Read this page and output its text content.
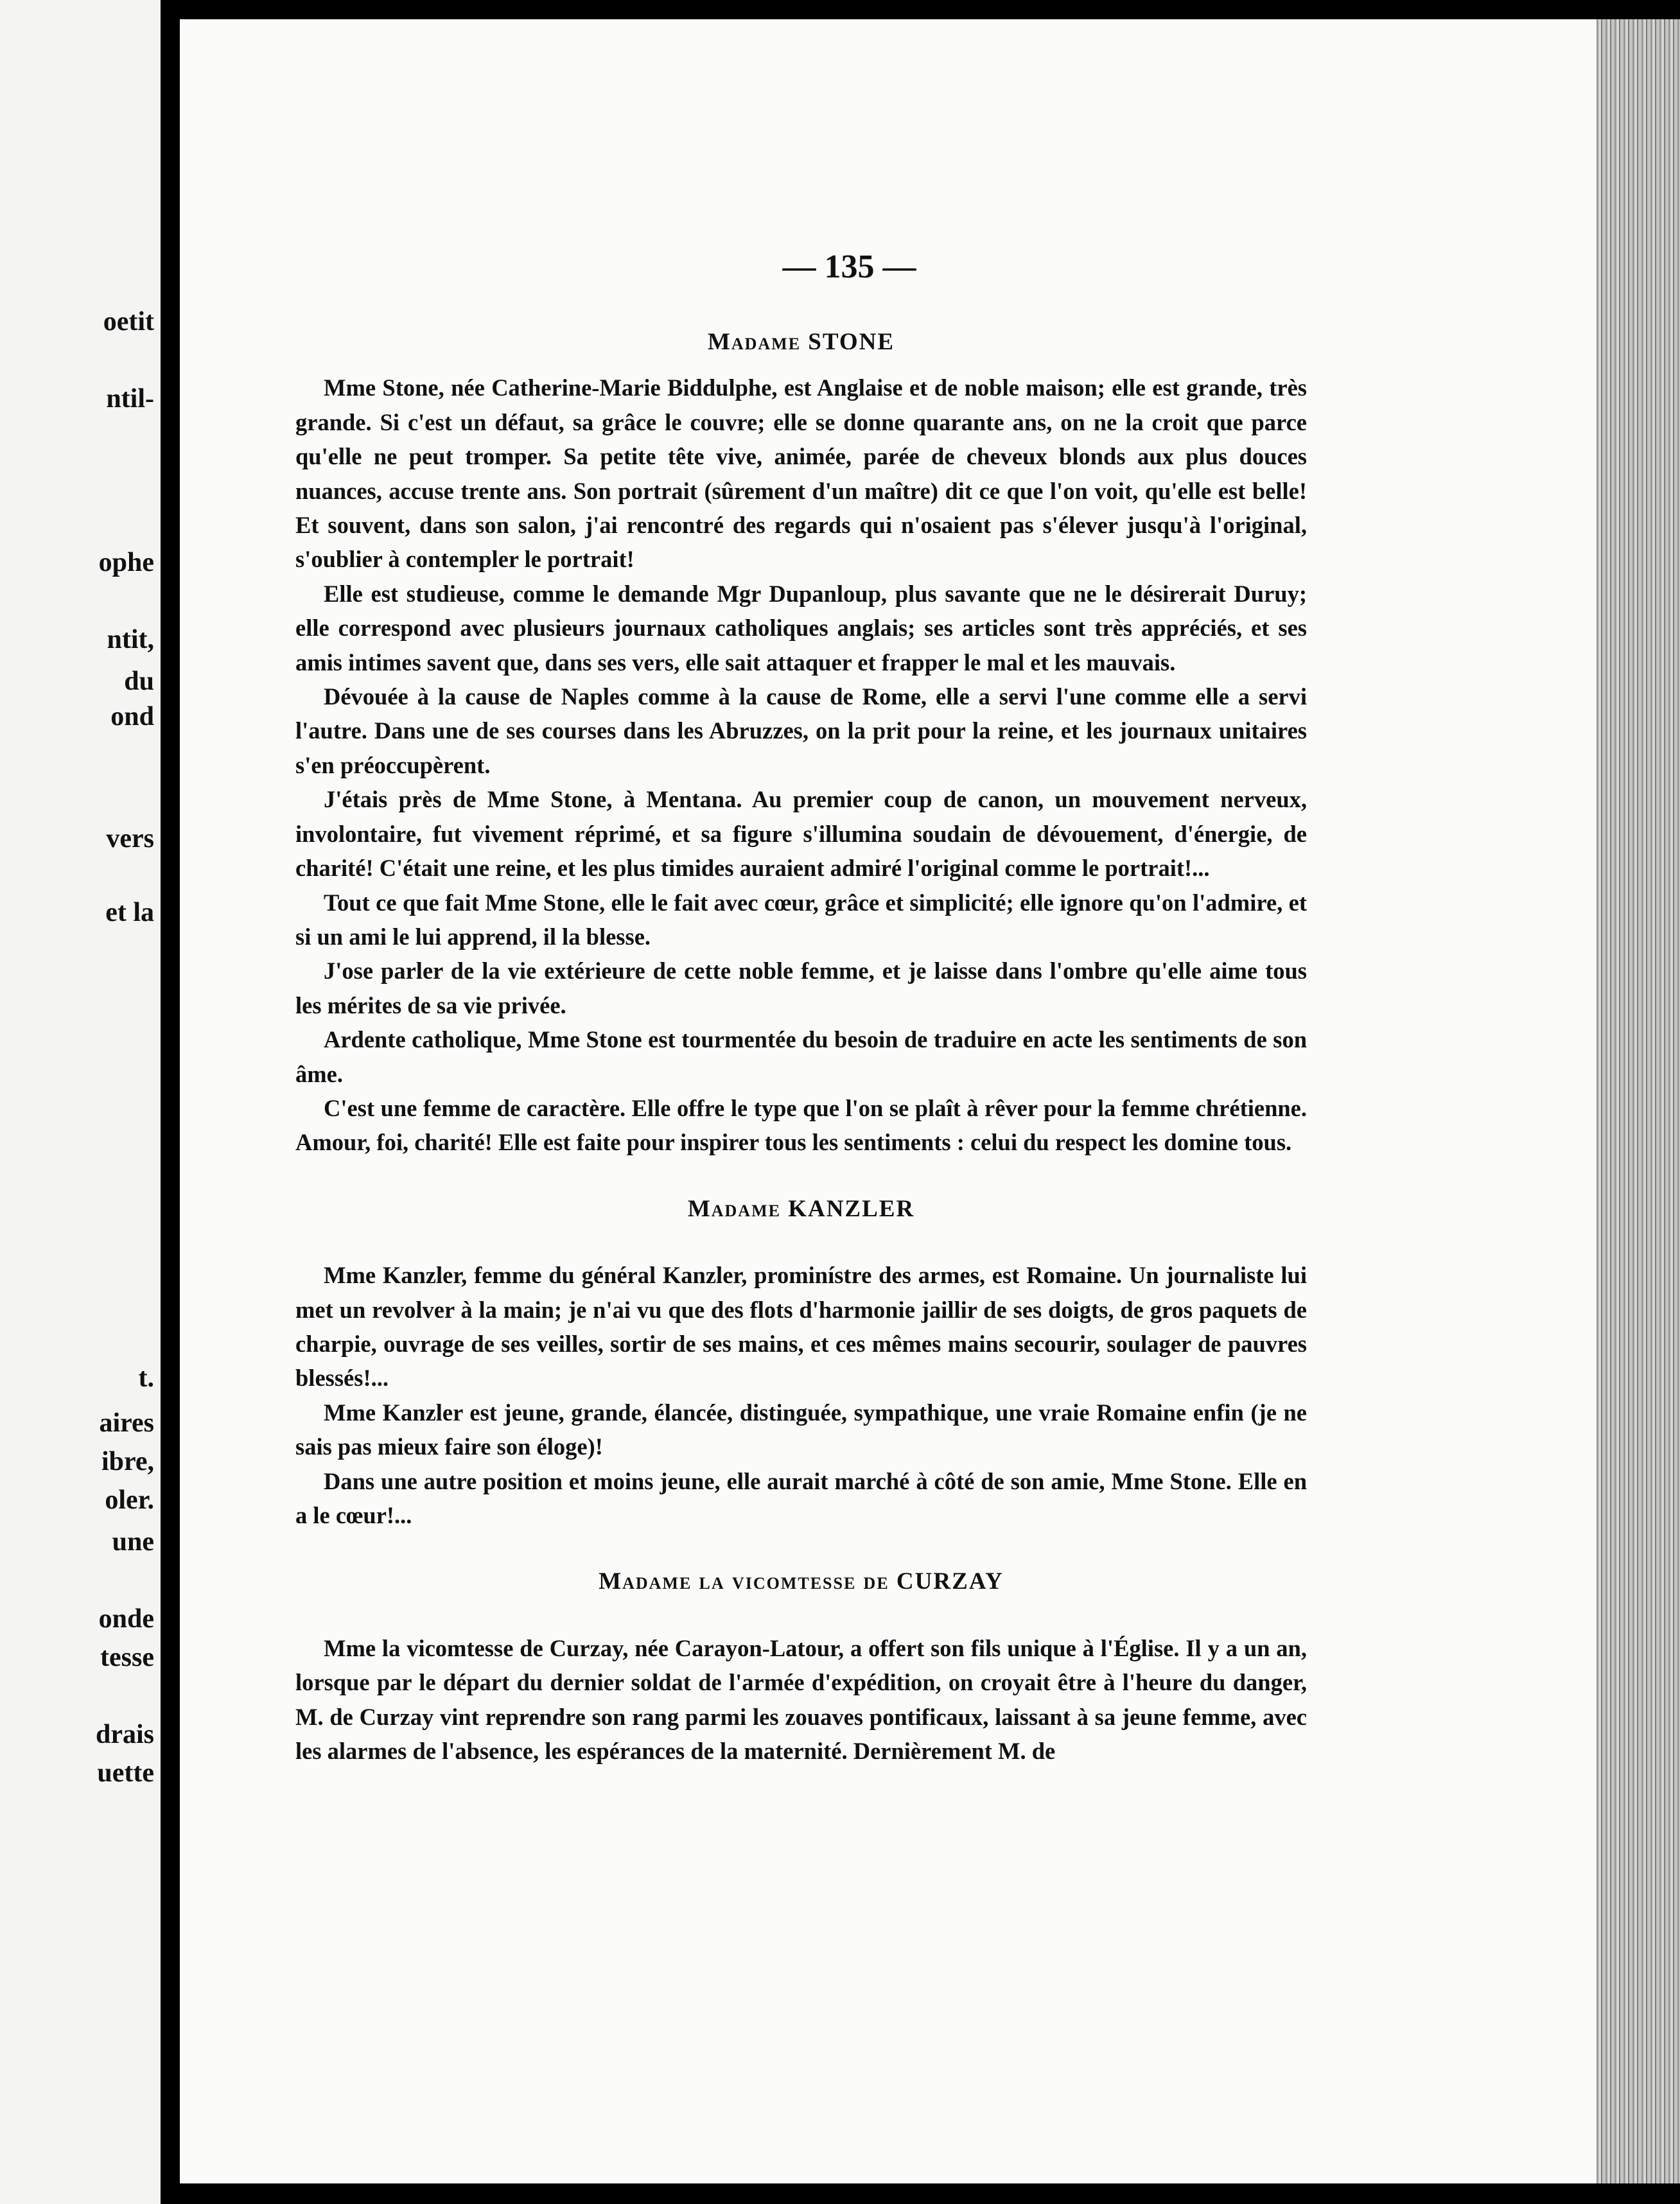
oetit

ntil-

ophe

ntit,

du

ond

vers

et la

t.

aires

ibre,

oler.

une

onde

tesse

drais

uette

— 135 —

Madame STONE

Mme Stone, née Catherine-Marie Biddulphe, est Anglaise et de noble maison; elle est grande, très grande. Si c'est un défaut, sa grâce le couvre; elle se donne quarante ans, on ne la croit que parce qu'elle ne peut tromper. Sa petite tête vive, animée, parée de cheveux blonds aux plus douces nuances, accuse trente ans. Son portrait (sûrement d'un maître) dit ce que l'on voit, qu'elle est belle! Et souvent, dans son salon, j'ai rencontré des regards qui n'osaient pas s'élever jusqu'à l'original, s'oublier à contempler le portrait!

Elle est studieuse, comme le demande Mgr Dupanloup, plus savante que ne le désirerait Duruy; elle correspond avec plusieurs journaux catholiques anglais; ses articles sont très appréciés, et ses amis intimes savent que, dans ses vers, elle sait attaquer et frapper le mal et les mauvais.

Dévouée à la cause de Naples comme à la cause de Rome, elle a servi l'une comme elle a servi l'autre. Dans une de ses courses dans les Abruzzes, on la prit pour la reine, et les journaux unitaires s'en préoccupèrent.

J'étais près de Mme Stone, à Mentana. Au premier coup de canon, un mouvement nerveux, involontaire, fut vivement réprimé, et sa figure s'illumina soudain de dévouement, d'énergie, de charité! C'était une reine, et les plus timides auraient admiré l'original comme le portrait!...

Tout ce que fait Mme Stone, elle le fait avec cœur, grâce et simplicité; elle ignore qu'on l'admire, et si un ami le lui apprend, il la blesse.

J'ose parler de la vie extérieure de cette noble femme, et je laisse dans l'ombre qu'elle aime tous les mérites de sa vie privée.

Ardente catholique, Mme Stone est tourmentée du besoin de traduire en acte les sentiments de son âme.

C'est une femme de caractère. Elle offre le type que l'on se plaît à rêver pour la femme chrétienne. Amour, foi, charité! Elle est faite pour inspirer tous les sentiments : celui du respect les domine tous.

Madame KANZLER

Mme Kanzler, femme du général Kanzler, prominístre des armes, est Romaine. Un journaliste lui met un revolver à la main; je n'ai vu que des flots d'harmonie jaillir de ses doigts, de gros paquets de charpie, ouvrage de ses veilles, sortir de ses mains, et ces mêmes mains secourir, soulager de pauvres blessés!...

Mme Kanzler est jeune, grande, élancée, distinguée, sympathique, une vraie Romaine enfin (je ne sais pas mieux faire son éloge)!

Dans une autre position et moins jeune, elle aurait marché à côté de son amie, Mme Stone. Elle en a le cœur!...

Madame la vicomtesse de CURZAY

Mme la vicomtesse de Curzay, née Carayon-Latour, a offert son fils unique à l'Église. Il y a un an, lorsque par le départ du dernier soldat de l'armée d'expédition, on croyait être à l'heure du danger, M. de Curzay vint reprendre son rang parmi les zouaves pontificaux, laissant à sa jeune femme, avec les alarmes de l'absence, les espérances de la maternité. Dernièrement M. de
